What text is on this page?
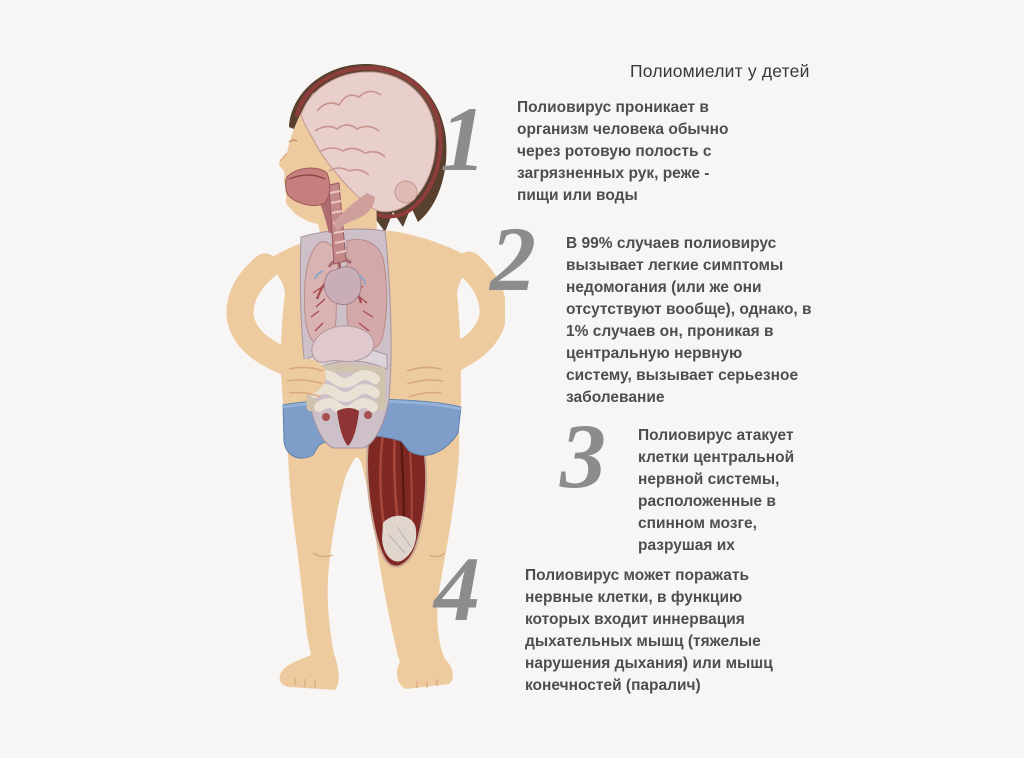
Полиомиелит у детей
1 Полиовирус проникает в организм человека обычно через ротовую полость с загрязненных рук, реже - пищи или воды
2 В 99% случаев полиовирус вызывает легкие симптомы недомогания (или же они отсутствуют вообще), однако, в 1% случаев он, проникая в центральную нервную систему, вызывает серьезное заболевание
3 Полиовирус атакует клетки центральной нервной системы, расположенные в спинном мозге, разрушая их
4	Полиовирус может поражать нервные клетки, в функцию которых входит иннервация дыхательных мышц (тяжелые нарушения дыхания) или мышц конечностей (паралич)
